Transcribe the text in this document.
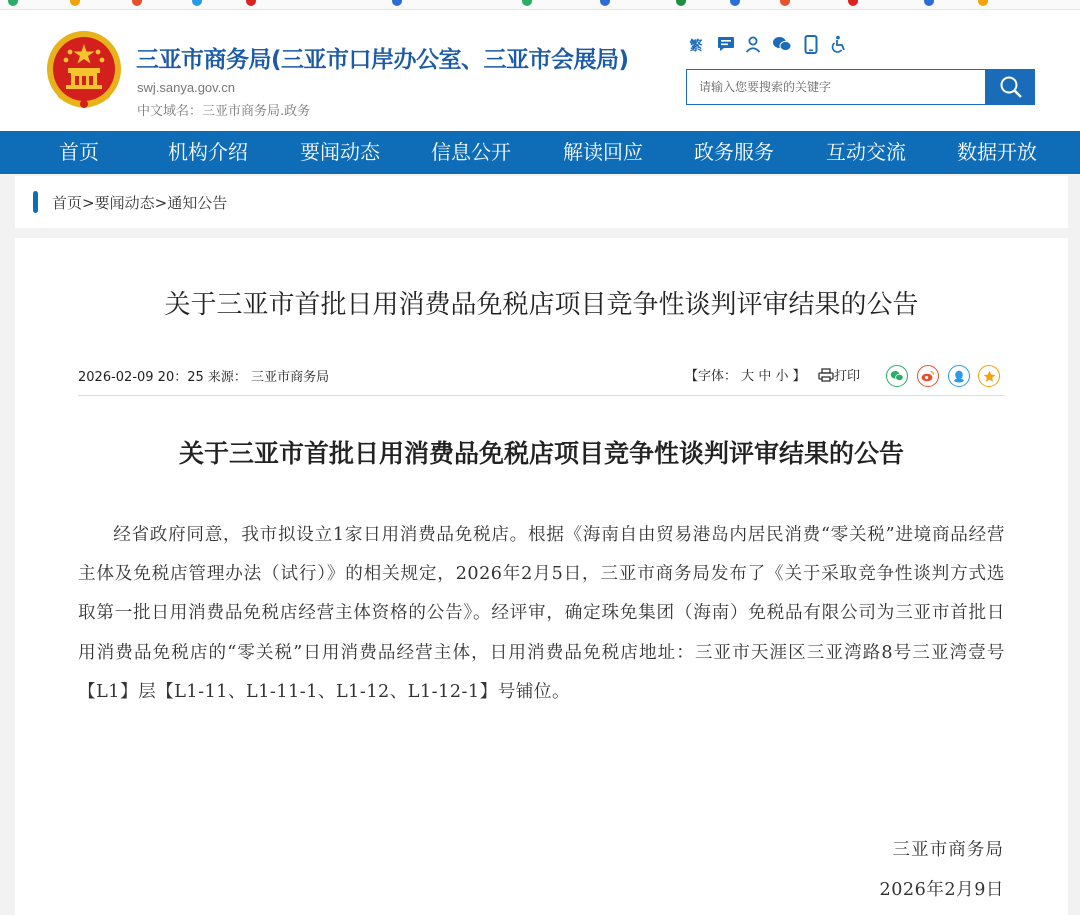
三亚市商务局(三亚市口岸办公室、三亚市会展局)
swj.sanya.gov.cn
中文域名：三亚市商务局.政务
繁
请输入您要搜索的关键字
首页	机构介绍	要闻动态	信息公开	解读回应	政务服务	互动交流	数据开放
首页>要闻动态>通知公告
关于三亚市首批日用消费品免税店项目竞争性谈判评审结果的公告
2026-02-09 20：25 来源： 三亚市商务局	【字体： 大 中 小 】 打印
关于三亚市首批日用消费品免税店项目竞争性谈判评审结果的公告
经省政府同意，我市拟设立1家日用消费品免税店。根据《海南自由贸易港岛内居民消费“零关税”进境商品经营主体及免税店管理办法（试行）》的相关规定，2026年2月5日，三亚市商务局发布了《关于采取竞争性谈判方式选取第一批日用消费品免税店经营主体资格的公告》。经评审，确定珠免集团（海南）免税品有限公司为三亚市首批日用消费品免税店的“零关税”日用消费品经营主体，日用消费品免税店地址：三亚市天涯区三亚湾路8号三亚湾壹号【L1】层【L1-11、L1-11-1、L1-12、L1-12-1】号铺位。
三亚市商务局
2026年2月9日
